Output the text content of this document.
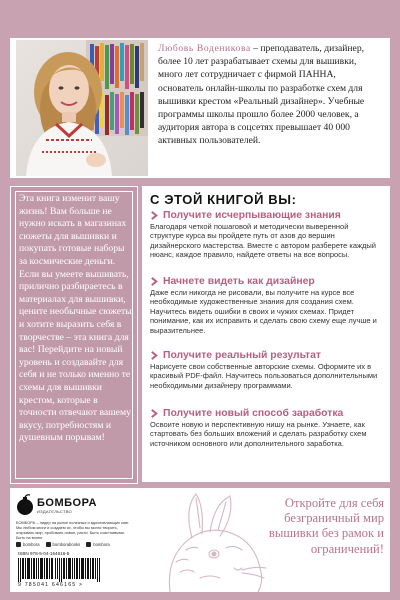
Любовь Воденикова – преподаватель, дизайнер, более 10 лет разрабатывает схемы для вышивки, много лет сотрудничает с фирмой ПАННА, основатель онлайн-школы по разработке схем для вышивки крестом «Реальный дизайнер». Учебные программы школы прошло более 2000 человек, а аудитория автора в соцсетях превышает 40 000 активных пользователей.

Эта книга изменит вашу жизнь! Вам больше не нужно искать в магазинах сюжеты для вышивки и покупать готовые наборы за космические деньги. Если вы умеете вышивать, прилично разбираетесь в материалах для вышивки, цените необычные сюжеты и хотите выразить себя в творчестве – эта книга для вас! Перейдите на новый уровень и создавайте для себя и не только именно те схемы для вышивки крестом, которые в точности отвечают вашему вкусу, потребностям и душевным порывам!

С ЭТОЙ КНИГОЙ ВЫ:
Получите исчерпывающие знания

Благодаря четкой пошаговой и методически выверенной структуре курса вы пройдете путь от азов до вершин дизайнерского мастерства. Вместе с автором разберете каждый нюанс, каждое правило, найдете ответы на все вопросы.

Начнете видеть как дизайнер

Даже если никогда не рисовали, вы получите на курсе все необходимые художественные знания для создания схем. Научитесь видеть ошибки в своих и чужих схемах. Придет понимание, как их исправить и сделать свою схему еще лучше и выразительнее.

Получите реальный результат

Нарисуете свои собственные авторские схемы. Оформите их в красивый PDF-файл. Научитесь пользоваться дополнительными необходимыми дизайнеру программами.

Получите новый способ заработка

Освоите новую и перспективную нишу на рынке. Узнаете, как стартовать без больших вложений и сделать разработку схем источником основного или дополнительного заработка.

БОМБОРА
ИЗДАТЕЛЬСТВО

БОМБОРА – лидер на рынке полезных и вдохновляющих книг. Мы любим книги и создаем их, чтобы вы могли творить, открывать мир, пробовать новое, расти. Быть счастливыми. Быть на волне.

bombora	bomborabooks	bombora
ISBN 978-5-04-164616-5
9 785041 646165 >

Откройте для себя безграничный мир вышивки без рамок и ограничений!
